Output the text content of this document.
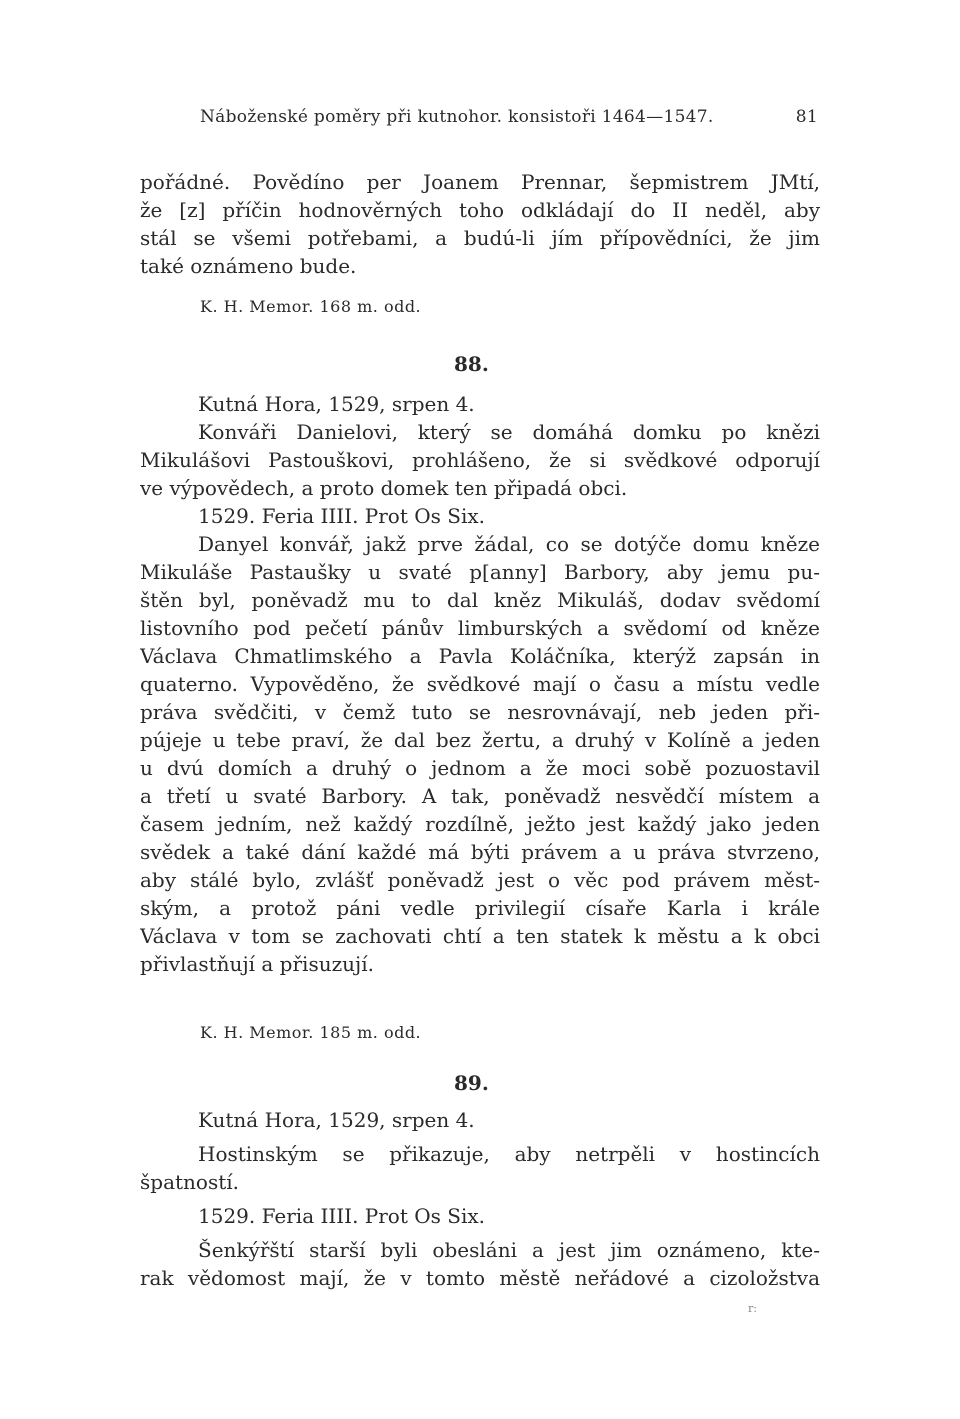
Náboženské poměry při kutnohor. konsistoři 1464—1547.	81
pořádné. Povědíno per Joanem Prennar, šepmistrem JMtí,
že [z] příčin hodnověrných toho odkládají do II neděl, aby
stál se všemi potřebami, a budú-li jím přípovědníci, že jim
také oznámeno bude.
K. H. Memor. 168 m. odd.
88.
Kutná Hora, 1529, srpen 4.
Konváři Danielovi, který se domáhá domku po knězi
Mikulášovi Pastouškovi, prohlášeno, že si svědkové odporují
ve výpovědech, a proto domek ten připadá obci.
1529. Feria IIII. Prot Os Six.
Danyel konvář, jakž prve žádal, co se dotýče domu kněze
Mikuláše Pastaušky u svaté p[anny] Barbory, aby jemu pu-
štěn byl, poněvadž mu to dal kněz Mikuláš, dodav svědomí
listovního pod pečetí pánův limburských a svědomí od kněze
Václava Chmatlimského a Pavla Koláčníka, kterýž zapsán in
quaterno. Vypověděno, že svědkové mají o času a místu vedle
práva svědčiti, v čemž tuto se nesrovnávají, neb jeden při-
pújeje u tebe praví, že dal bez žertu, a druhý v Kolíně a jeden
u dvú domích a druhý o jednom a že moci sobě pozuostavil
a třetí u svaté Barbory. A tak, poněvadž nesvědčí místem a
časem jedním, než každý rozdílně, ježto jest každý jako jeden
svědek a také dání každé má býti právem a u práva stvrzeno,
aby stálé bylo, zvlášť poněvadž jest o věc pod právem měst-
ským, a protož páni vedle privilegií císaře Karla i krále
Václava v tom se zachovati chtí a ten statek k městu a k obci
přivlastňují a přisuzují.
K. H. Memor. 185 m. odd.
89.
Kutná Hora, 1529, srpen 4.
Hostinským se přikazuje, aby netrpěli v hostincích
špatností.
1529. Feria IIII. Prot Os Six.
Šenkýřští starší byli obesláni a jest jim oznámeno, kte-
rak vědomost mají, že v tomto městě neřádové a cizoložstva
r:
